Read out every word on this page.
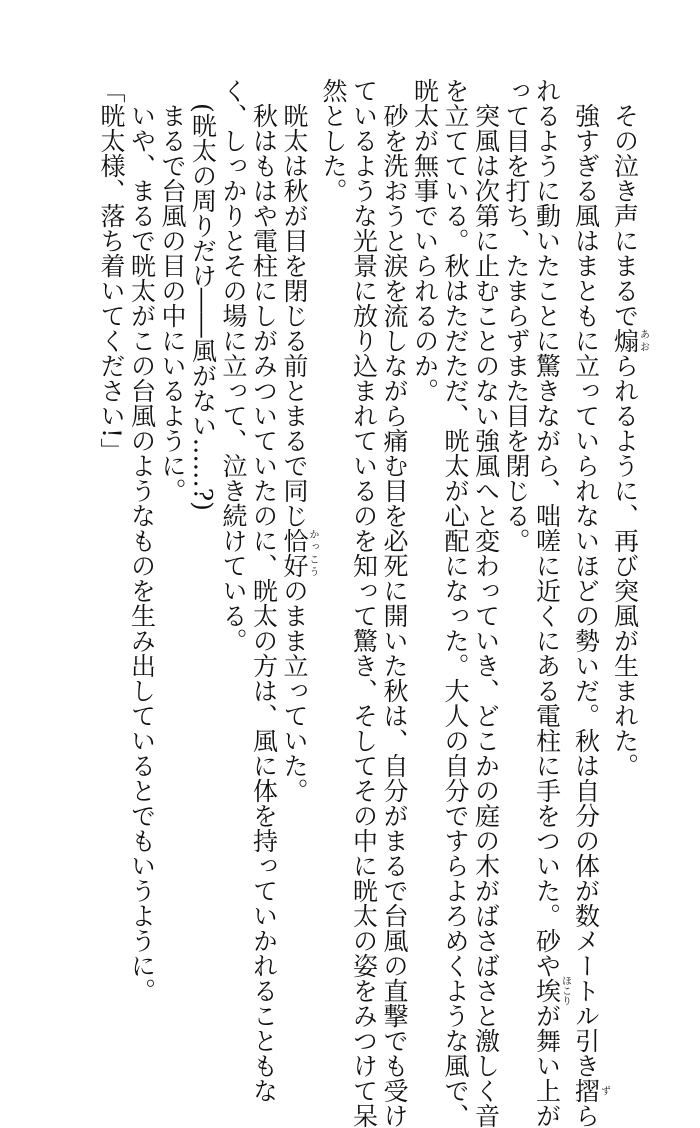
その泣き声にまるで煽あおられるように、再び突風が生まれた。
強すぎる風はまともに立っていられないほどの勢いだ。秋は自分の体が数メートル引き摺ずら
れるように動いたことに驚きながら、咄嗟に近くにある電柱に手をついた。砂や埃ほこりが舞い上が
って目を打ち、たまらずまた目を閉じる。
突風は次第に止むことのない強風へと変わっていき、どこかの庭の木がばさばさと激しく音
を立てている。秋はただただ、晄太が心配になった。大人の自分ですらよろめくような風で、
晄太が無事でいられるのか。
砂を洗おうと涙を流しながら痛む目を必死に開いた秋は、自分がまるで台風の直撃でも受け
ているような光景に放り込まれているのを知って驚き、そしてその中に晄太の姿をみつけて呆
然とした。
晄太は秋が目を閉じる前とまるで同じ恰好かっこうのまま立っていた。
秋はもはや電柱にしがみついていたのに、晄太の方は、風に体を持っていかれることもな
く、しっかりとその場に立って、泣き続けている。
(晄太の周りだけ――風がない……?)
まるで台風の目の中にいるように。
いや、まるで晄太がこの台風のようなものを生み出しているとでもいうように。
「晄太様、落ち着いてください!」
